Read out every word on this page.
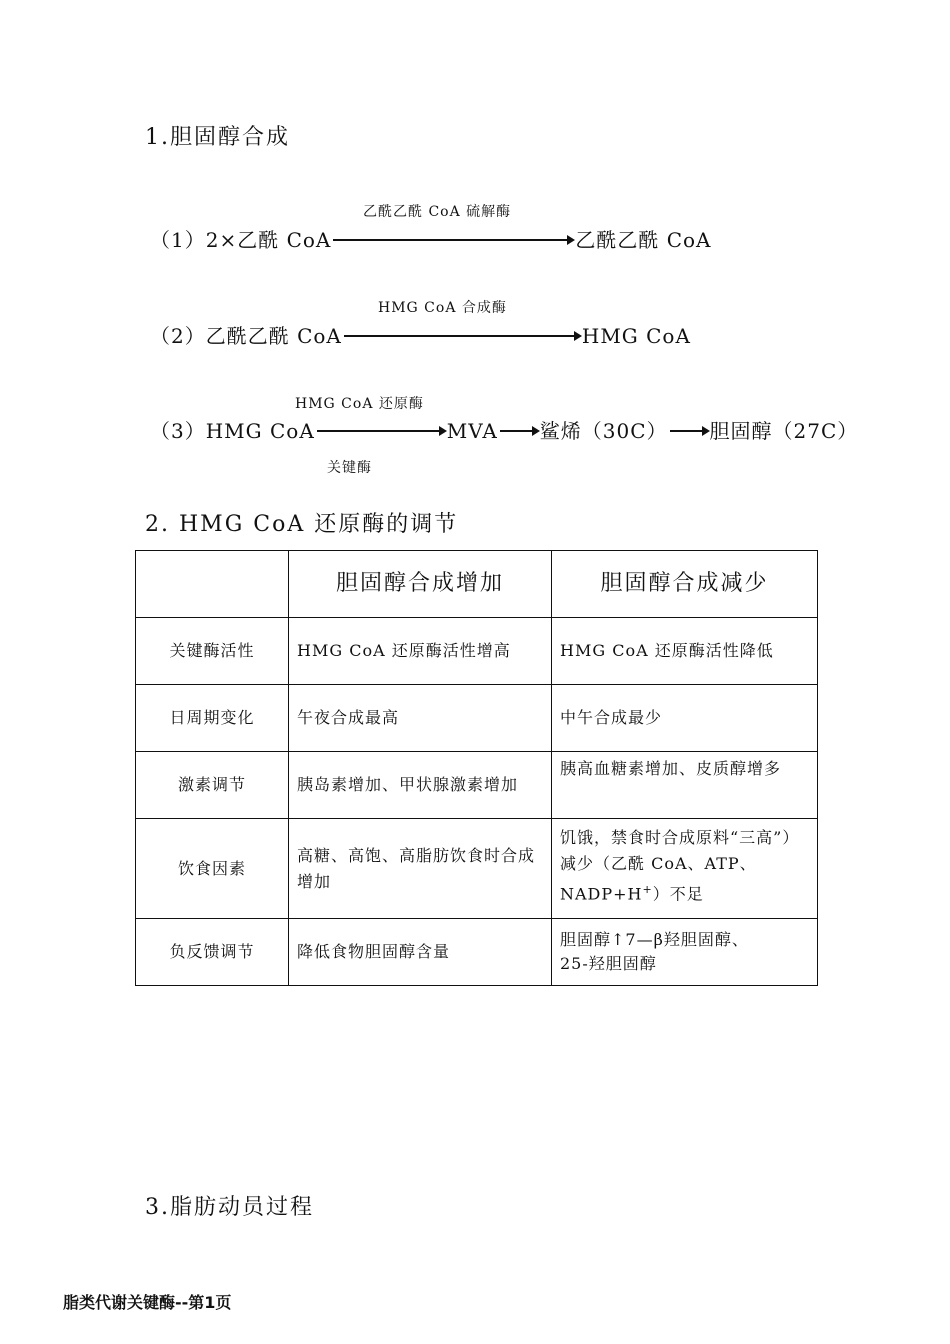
1.胆固醇合成
乙酰乙酰 CoA 硫解酶
（1）2×乙酰 CoA	乙酰乙酰 CoA
HMG CoA 合成酶
（2）乙酰乙酰 CoA	HMG CoA
HMG CoA 还原酶
（3）HMG CoA	MVA 鲨烯（30C） 胆固醇（27C）
关键酶
2. HMG CoA 还原酶的调节
	胆固醇合成增加	胆固醇合成减少
关键酶活性	HMG CoA 还原酶活性增高	HMG CoA 还原酶活性降低
日周期变化	午夜合成最高	中午合成最少
激素调节	胰岛素增加、甲状腺激素增加	胰高血糖素增加、皮质醇增多
饮食因素	高糖、高饱、高脂肪饮食时合成增加	饥饿，禁食时合成原料“三高”）减少（乙酰 CoA、ATP、
NADP+H+）不足
负反馈调节	降低食物胆固醇含量	胆固醇↑7—β羟胆固醇、
25-羟胆固醇
3.脂肪动员过程
脂类代谢关键酶--第1页
